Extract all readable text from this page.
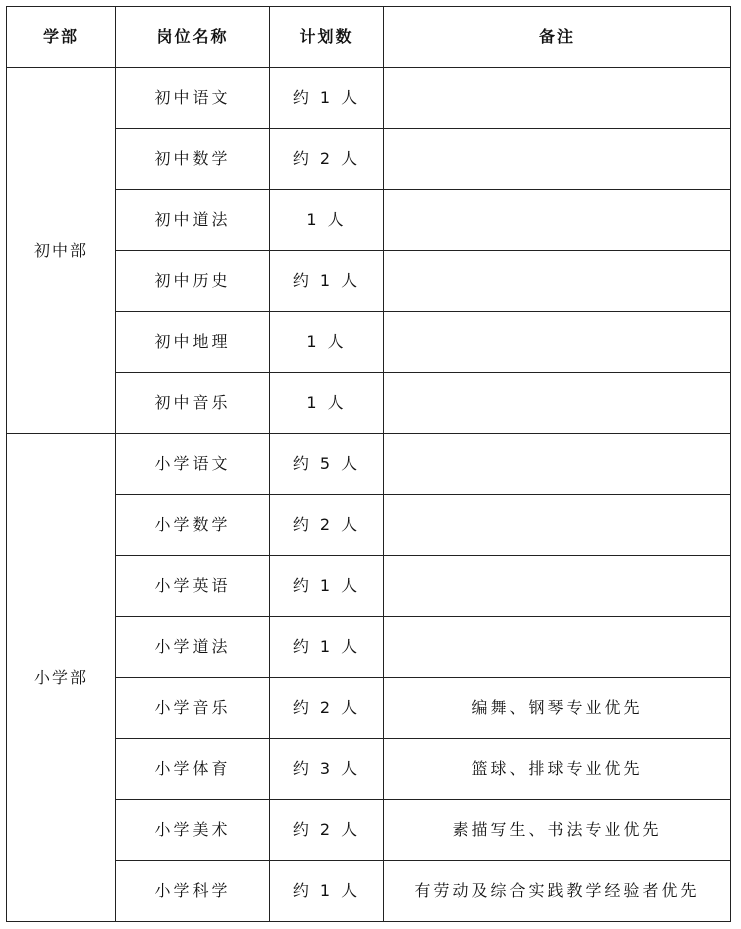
学部	岗位名称	计划数	备注
初中部	初中语文	约 1 人	
	初中数学	约 2 人	
	初中道法	1 人	
	初中历史	约 1 人	
	初中地理	1 人	
	初中音乐	1 人	
小学部	小学语文	约 5 人	
	小学数学	约 2 人	
	小学英语	约 1 人	
	小学道法	约 1 人	
	小学音乐	约 2 人	编舞、钢琴专业优先
	小学体育	约 3 人	篮球、排球专业优先
	小学美术	约 2 人	素描写生、书法专业优先
	小学科学	约 1 人	有劳动及综合实践教学经验者优先
